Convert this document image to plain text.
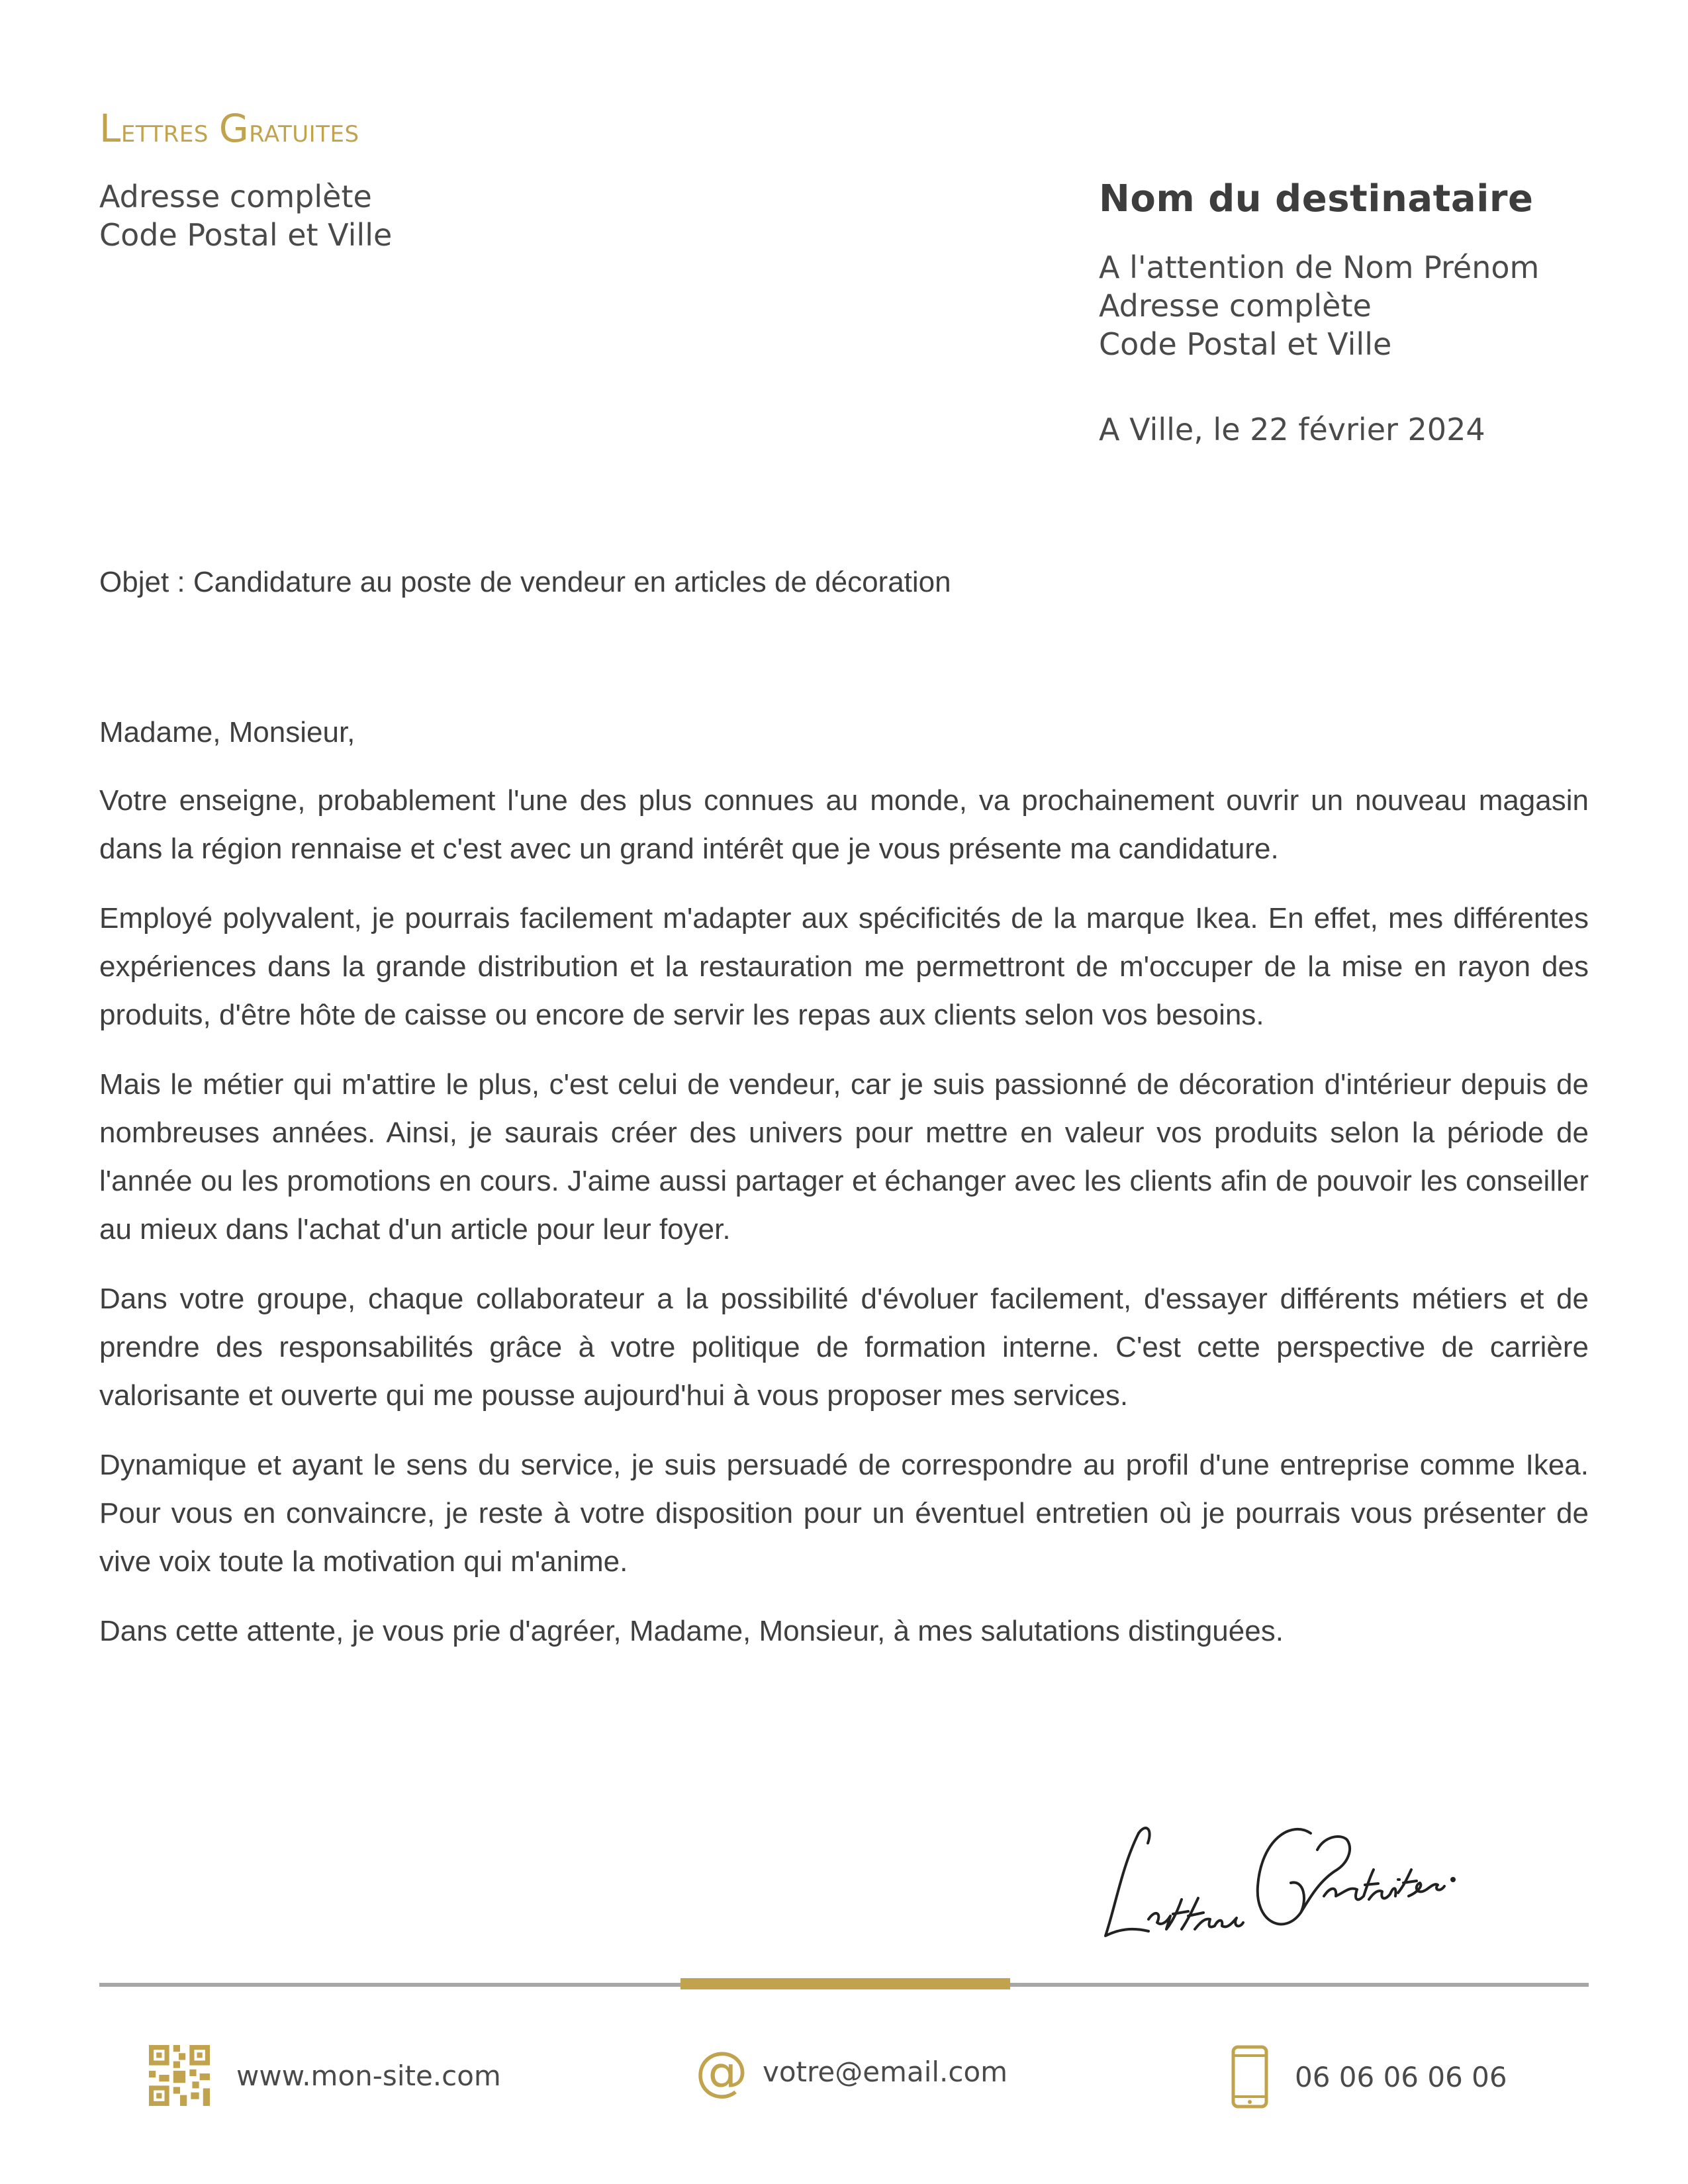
Lettres Gratuites
Adresse complète
Code Postal et Ville
Nom du destinataire
A l'attention de Nom Prénom
Adresse complète
Code Postal et Ville
A Ville, le 22 février 2024
Objet : Candidature au poste de vendeur en articles de décoration

Madame, Monsieur,

Votre enseigne, probablement l'une des plus connues au monde, va prochainement ouvrir un nouveau magasin dans la région rennaise et c'est avec un grand intérêt que je vous présente ma candidature.

Employé polyvalent, je pourrais facilement m'adapter aux spécificités de la marque Ikea. En effet, mes différentes expériences dans la grande distribution et la restauration me permettront de m'occuper de la mise en rayon des produits, d'être hôte de caisse ou encore de servir les repas aux clients selon vos besoins.

Mais le métier qui m'attire le plus, c'est celui de vendeur, car je suis passionné de décoration d'intérieur depuis de nombreuses années. Ainsi, je saurais créer des univers pour mettre en valeur vos produits selon la période de l'année ou les promotions en cours. J'aime aussi partager et échanger avec les clients afin de pouvoir les conseiller au mieux dans l'achat d'un article pour leur foyer.

Dans votre groupe, chaque collaborateur a la possibilité d'évoluer facilement, d'essayer différents métiers et de prendre des responsabilités grâce à votre politique de formation interne. C'est cette perspective de carrière valorisante et ouverte qui me pousse aujourd'hui à vous proposer mes services.

Dynamique et ayant le sens du service, je suis persuadé de correspondre au profil d'une entreprise comme Ikea. Pour vous en convaincre, je reste à votre disposition pour un éventuel entretien où je pourrais vous présenter de vive voix toute la motivation qui m'anime.

Dans cette attente, je vous prie d'agréer, Madame, Monsieur, à mes salutations distinguées.

www.mon-site.com	@ votre@email.com	06 06 06 06 06
